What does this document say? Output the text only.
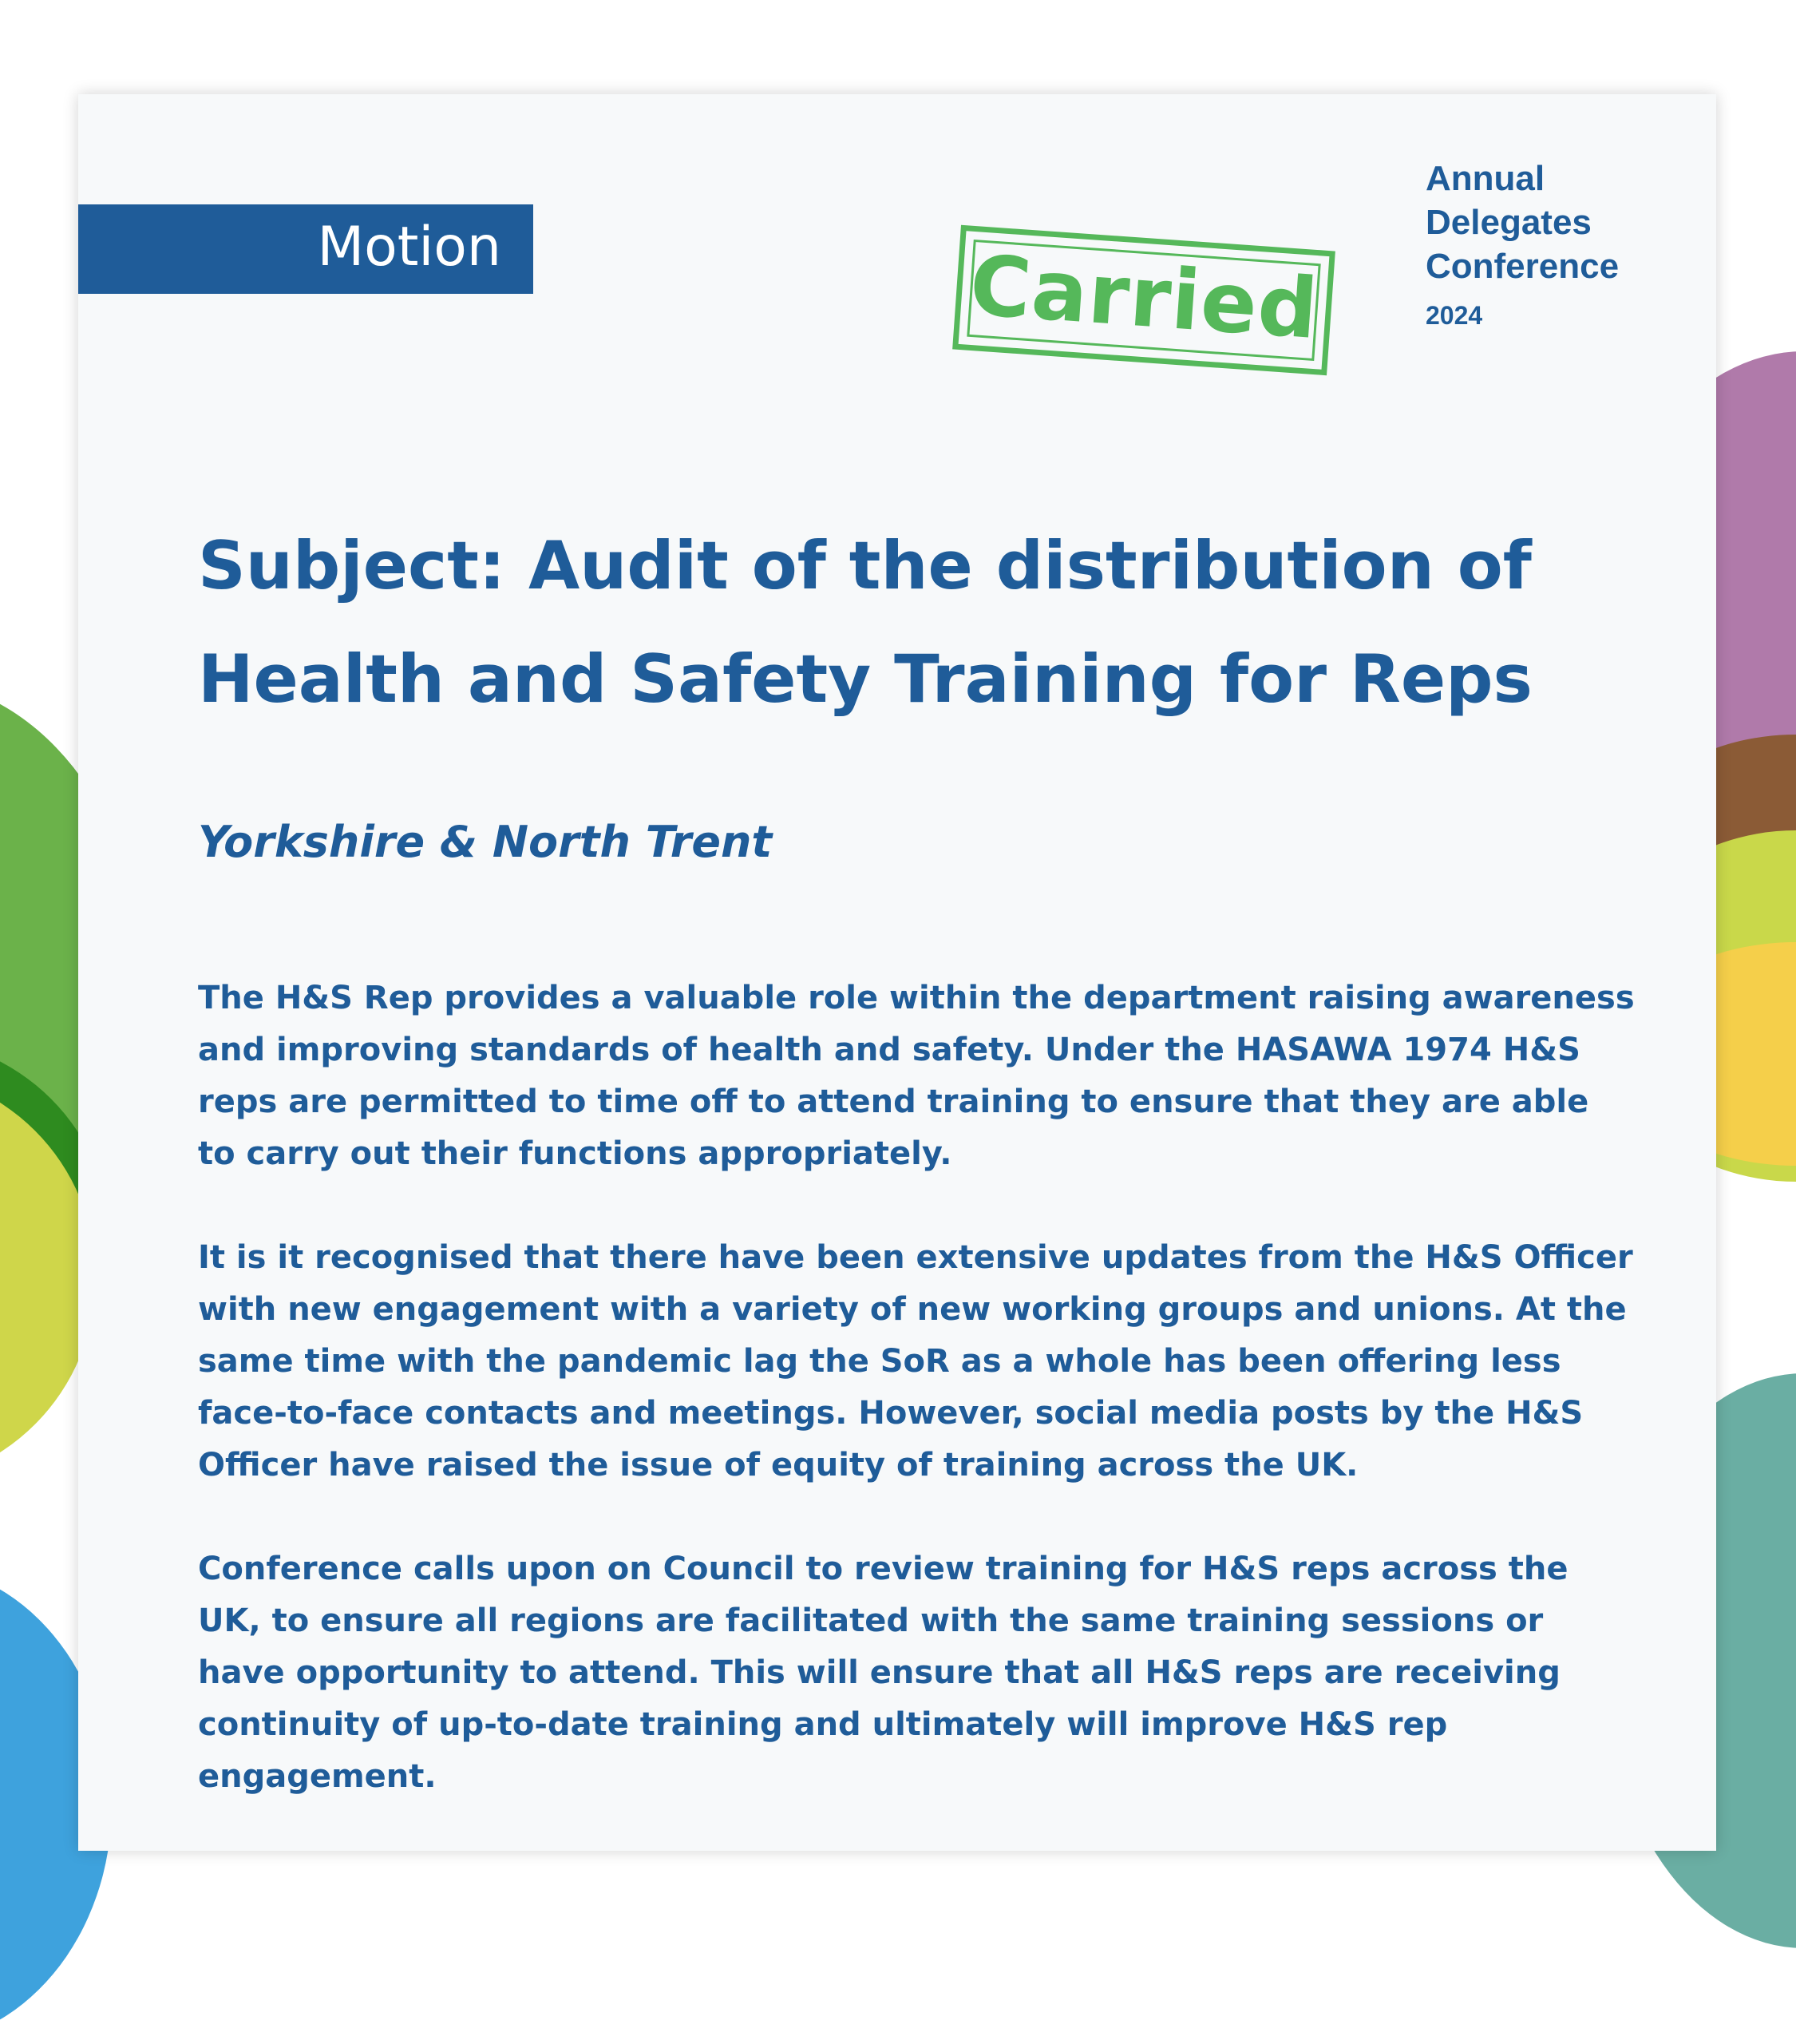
Motion	Carried
Annual
Delegates
Conference
2024
Subject: Audit of the distribution of Health and Safety Training for Reps
Yorkshire & North Trent

The H&S Rep provides a valuable role within the department raising awareness and improving standards of health and safety. Under the HASAWA 1974 H&S reps are permitted to time off to attend training to ensure that they are able to carry out their functions appropriately.

It is it recognised that there have been extensive updates from the H&S Officer with new engagement with a variety of new working groups and unions. At the same time with the pandemic lag the SoR as a whole has been offering less face-to-face contacts and meetings. However, social media posts by the H&S Officer have raised the issue of equity of training across the UK.

Conference calls upon on Council to review training for H&S reps across the UK, to ensure all regions are facilitated with the same training sessions or have opportunity to attend. This will ensure that all H&S reps are receiving continuity of up-to-date training and ultimately will improve H&S rep engagement.
